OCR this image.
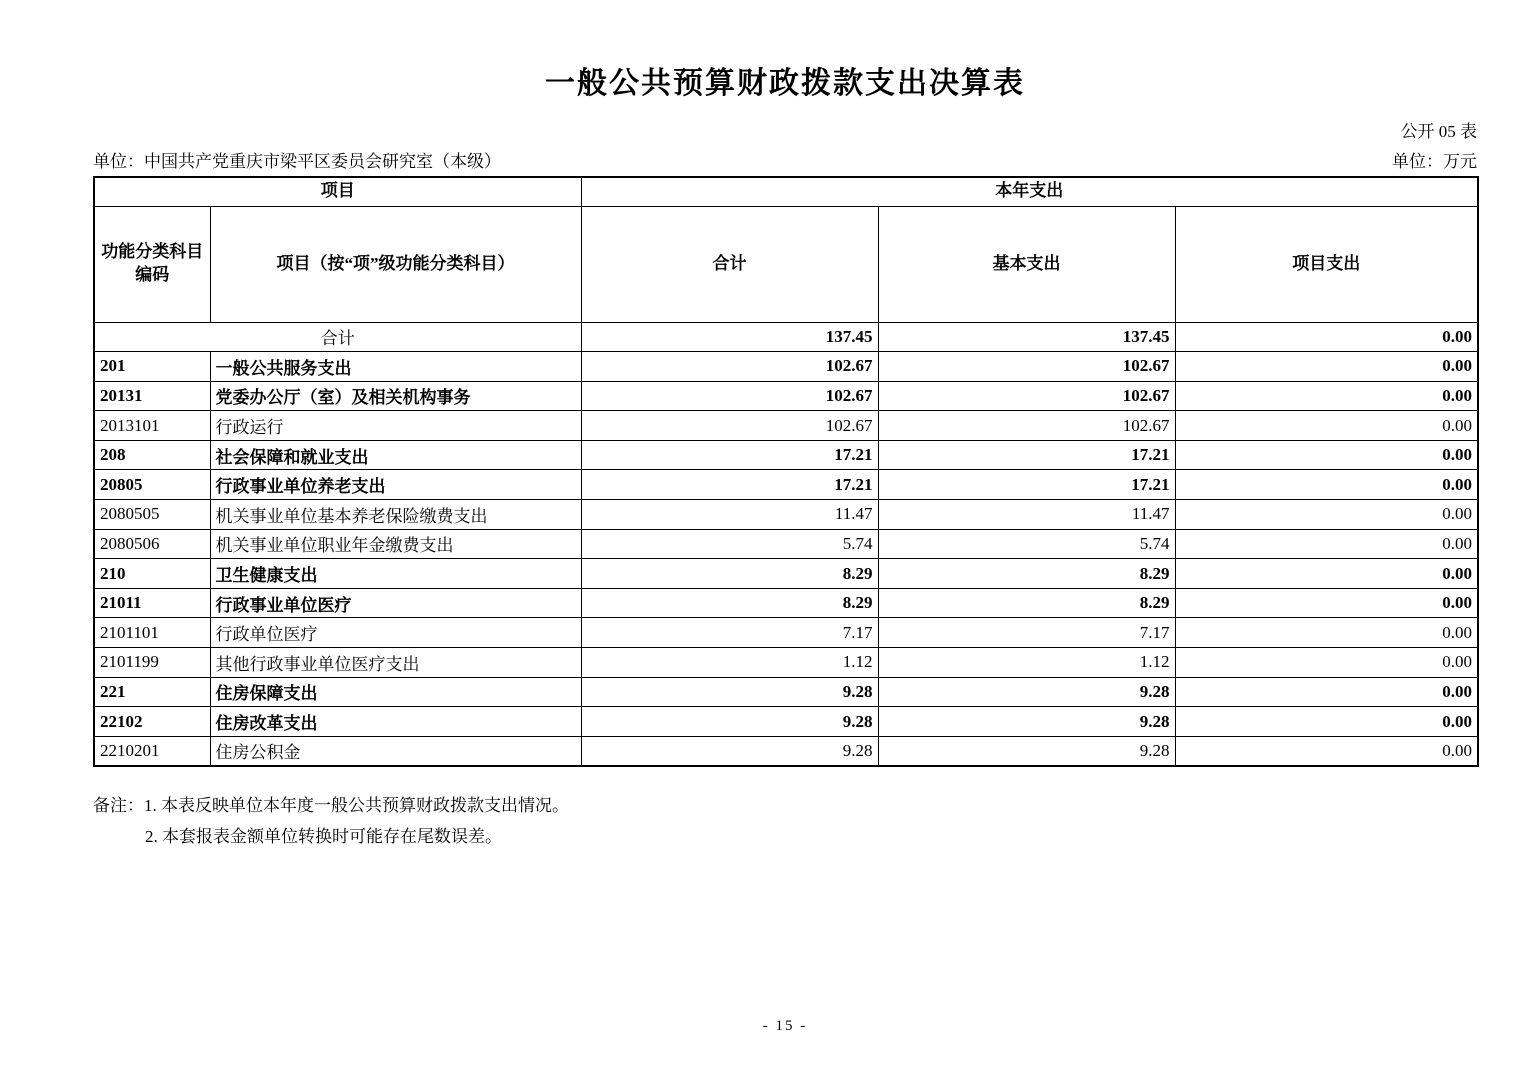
一般公共预算财政拨款支出决算表
公开 05 表
单位：中国共产党重庆市梁平区委员会研究室（本级）	单位：万元
项目		本年支出		
功能分类科目
编码	项目（按“项”级功能分类科目）	合计	基本支出	项目支出
合计		137.45	137.45	0.00
201	一般公共服务支出	102.67	102.67	0.00
20131	党委办公厅（室）及相关机构事务	102.67	102.67	0.00
2013101	行政运行	102.67	102.67	0.00
208	社会保障和就业支出	17.21	17.21	0.00
20805	行政事业单位养老支出	17.21	17.21	0.00
2080505	机关事业单位基本养老保险缴费支出	11.47	11.47	0.00
2080506	机关事业单位职业年金缴费支出	5.74	5.74	0.00
210	卫生健康支出	8.29	8.29	0.00
21011	行政事业单位医疗	8.29	8.29	0.00
2101101	行政单位医疗	7.17	7.17	0.00
2101199	其他行政事业单位医疗支出	1.12	1.12	0.00
221	住房保障支出	9.28	9.28	0.00
22102	住房改革支出	9.28	9.28	0.00
2210201	住房公积金	9.28	9.28	0.00
备注：1. 本表反映单位本年度一般公共预算财政拨款支出情况。
2. 本套报表金额单位转换时可能存在尾数误差。
- 15 -
